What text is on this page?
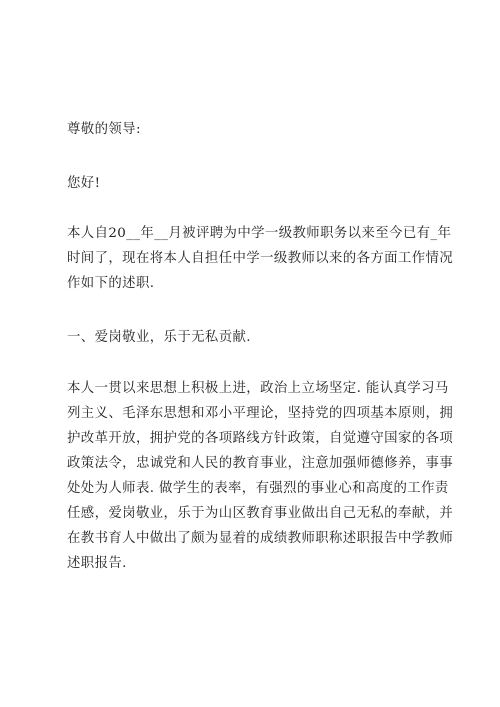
尊敬的领导:
您好!
本人自20__年__月被评聘为中学一级教师职务以来至今已有_年
时间了，现在将本人自担任中学一级教师以来的各方面工作情况
作如下的述职.
一、爱岗敬业，乐于无私贡献.
本人一贯以来思想上积极上进，政治上立场坚定. 能认真学习马
列主义、毛泽东思想和邓小平理论，坚持党的四项基本原则，拥
护改革开放，拥护党的各项路线方针政策，自觉遵守国家的各项
政策法令，忠诚党和人民的教育事业，注意加强师德修养，事事
处处为人师表. 做学生的表率，有强烈的事业心和高度的工作责
任感，爱岗敬业，乐于为山区教育事业做出自己无私的奉献，并
在教书育人中做出了颇为显着的成绩教师职称述职报告中学教师
述职报告.
